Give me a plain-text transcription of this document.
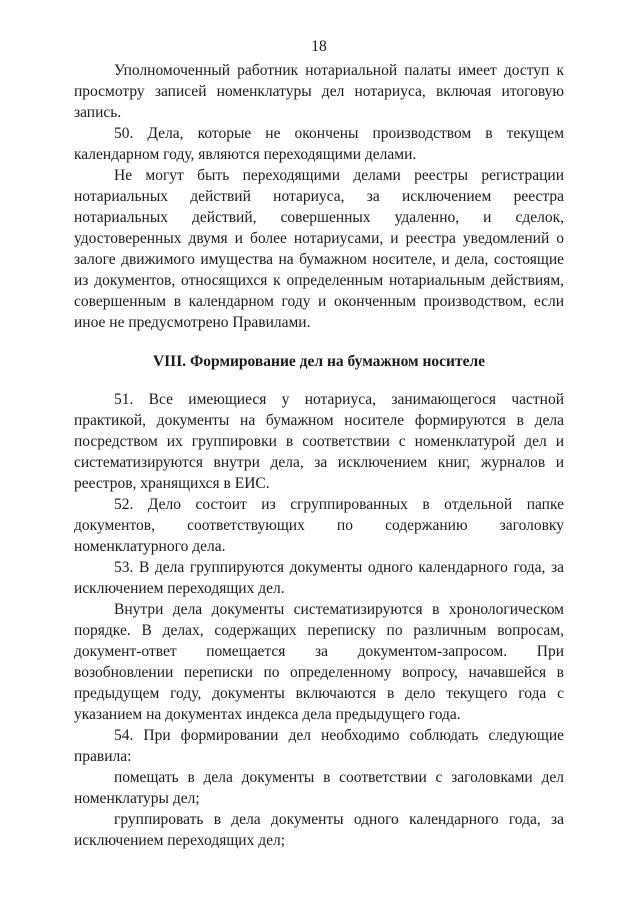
18

Уполномоченный работник нотариальной палаты имеет доступ к просмотру записей номенклатуры дел нотариуса, включая итоговую запись.

50. Дела, которые не окончены производством в текущем календарном году, являются переходящими делами.

Не могут быть переходящими делами реестры регистрации нотариальных действий нотариуса, за исключением реестра нотариальных действий, совершенных удаленно, и сделок, удостоверенных двумя и более нотариусами, и реестра уведомлений о залоге движимого имущества на бумажном носителе, и дела, состоящие из документов, относящихся к определенным нотариальным действиям, совершенным в календарном году и оконченным производством, если иное не предусмотрено Правилами.

VIII. Формирование дел на бумажном носителе

51. Все имеющиеся у нотариуса, занимающегося частной практикой, документы на бумажном носителе формируются в дела посредством их группировки в соответствии с номенклатурой дел и систематизируются внутри дела, за исключением книг, журналов и реестров, хранящихся в ЕИС.

52. Дело состоит из сгруппированных в отдельной папке документов, соответствующих по содержанию заголовку номенклатурного дела.

53. В дела группируются документы одного календарного года, за исключением переходящих дел.

Внутри дела документы систематизируются в хронологическом порядке. В делах, содержащих переписку по различным вопросам, документ-ответ помещается за документом-запросом. При возобновлении переписки по определенному вопросу, начавшейся в предыдущем году, документы включаются в дело текущего года с указанием на документах индекса дела предыдущего года.

54. При формировании дел необходимо соблюдать следующие правила:

помещать в дела документы в соответствии с заголовками дел номенклатуры дел;

группировать в дела документы одного календарного года, за исключением переходящих дел;
